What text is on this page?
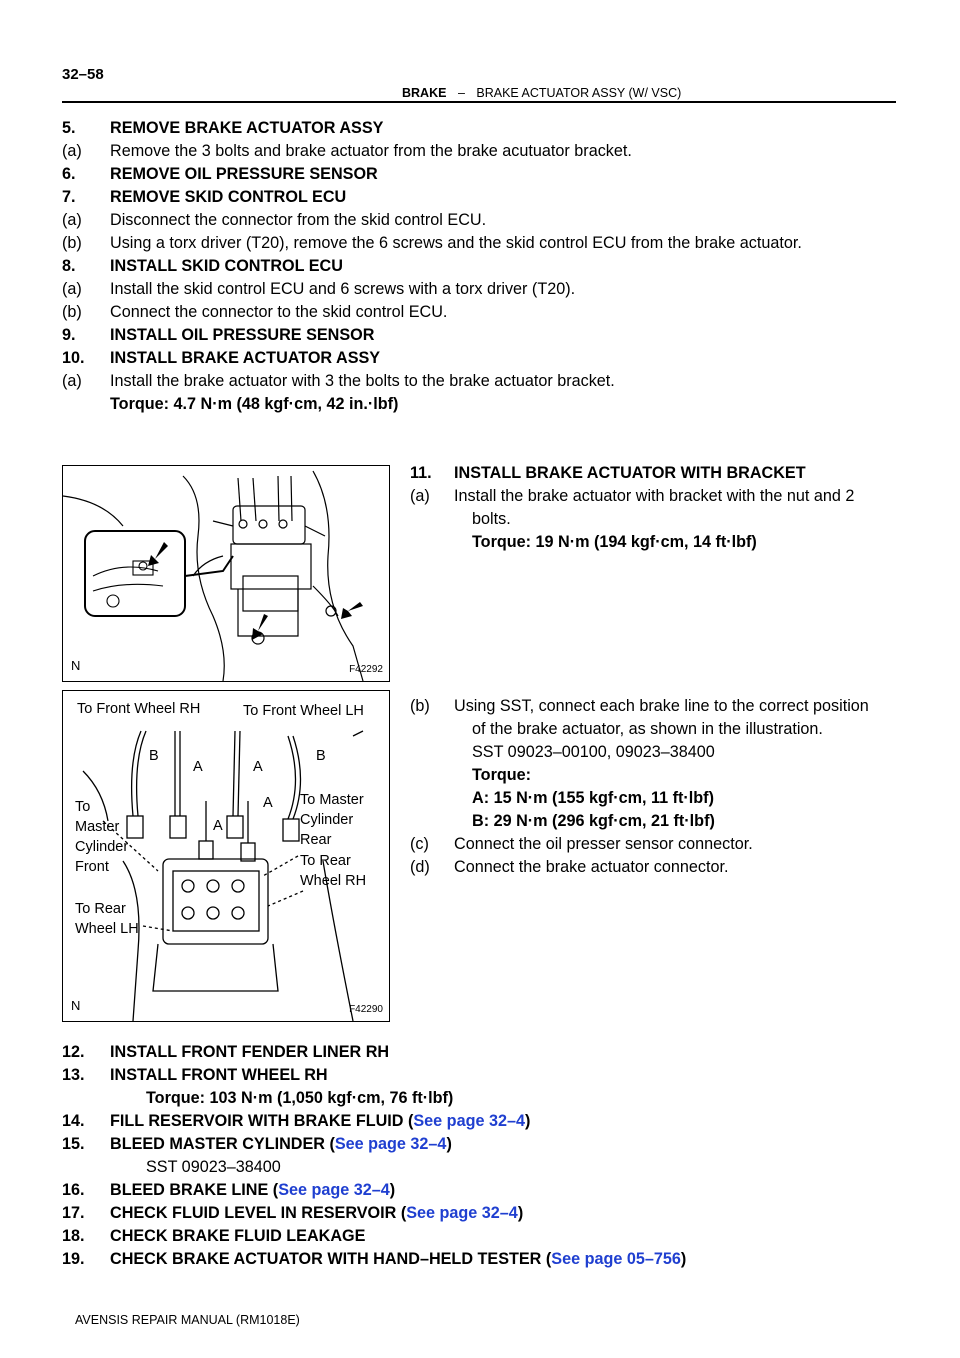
32–58
BRAKE – BRAKE ACTUATOR ASSY (W/ VSC)
5. REMOVE BRAKE ACTUATOR ASSY
(a) Remove the 3 bolts and brake actuator from the brake acutuator bracket.
6. REMOVE OIL PRESSURE SENSOR
7. REMOVE SKID CONTROL ECU
(a) Disconnect the connector from the skid control ECU.
(b) Using a torx driver (T20), remove the 6 screws and the skid control ECU from the brake actuator.
8. INSTALL SKID CONTROL ECU
(a) Install the skid control ECU and 6 screws with a torx driver (T20).
(b) Connect the connector to the skid control ECU.
9. INSTALL OIL PRESSURE SENSOR
10. INSTALL BRAKE ACTUATOR ASSY
(a) Install the brake actuator with 3 the bolts to the brake actuator bracket.
Torque: 4.7 N·m (48 kgf·cm, 42 in.·lbf)
N	F42292
11. INSTALL BRAKE ACTUATOR WITH BRACKET
(a) Install the brake actuator with bracket with the nut and 2
bolts.
Torque: 19 N·m (194 kgf·cm, 14 ft·lbf)
To Front Wheel RH	To Front Wheel LH
B
A	A
B
A
A
To
Master
Cylinder
Front
To Master
Cylinder
Rear
To Rear
Wheel RH
To Rear
Wheel LH
N	F42290
(b) Using SST, connect each brake line to the correct position
of the brake actuator, as shown in the illustration.
SST 09023–00100, 09023–38400
Torque:
A: 15 N·m (155 kgf·cm, 11 ft·lbf)
B: 29 N·m (296 kgf·cm, 21 ft·lbf)
(c) Connect the oil presser sensor connector.
(d) Connect the brake actuator connector.
12. INSTALL FRONT FENDER LINER RH
13. INSTALL FRONT WHEEL RH
Torque: 103 N·m (1,050 kgf·cm, 76 ft·lbf)
14. FILL RESERVOIR WITH BRAKE FLUID (See page 32–4)
15. BLEED MASTER CYLINDER (See page 32–4)
SST 09023–38400
16. BLEED BRAKE LINE (See page 32–4)
17. CHECK FLUID LEVEL IN RESERVOIR (See page 32–4)
18. CHECK BRAKE FLUID LEAKAGE
19. CHECK BRAKE ACTUATOR WITH HAND–HELD TESTER (See page 05–756)
AVENSIS REPAIR MANUAL (RM1018E)
